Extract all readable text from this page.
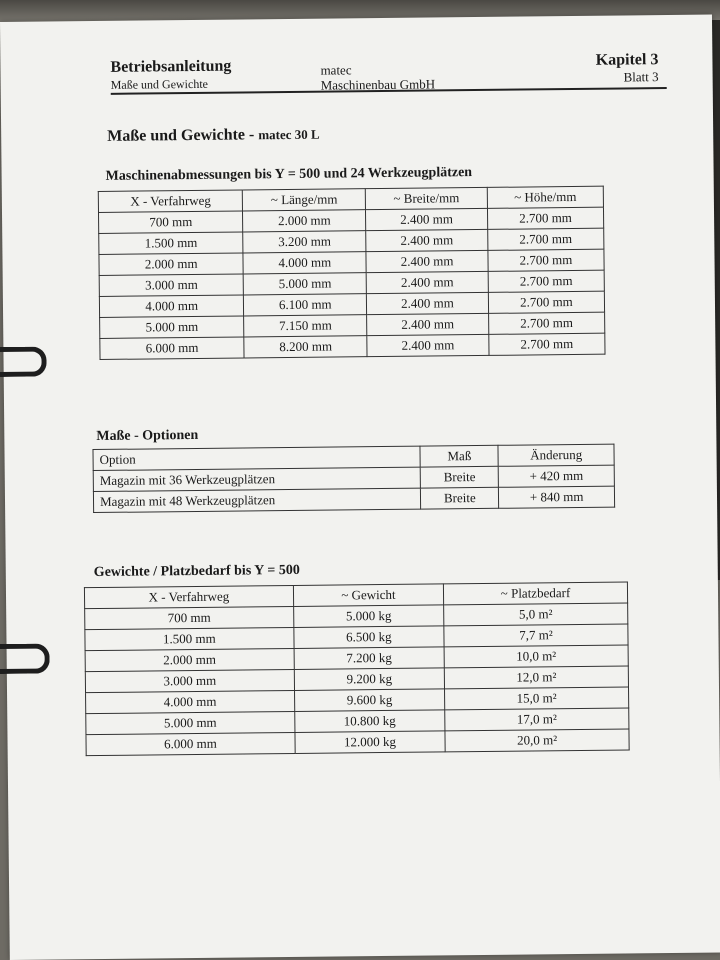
Betriebsanleitung
Maße und Gewichte
matec
Maschinenbau GmbH
Kapitel 3
Blatt 3
Maße und Gewichte - matec 30 L
Maschinenabmessungen bis Y = 500 und 24 Werkzeugplätzen
X - Verfahrweg	~ Länge/mm	~ Breite/mm	~ Höhe/mm
700 mm	2.000 mm	2.400 mm	2.700 mm
1.500 mm	3.200 mm	2.400 mm	2.700 mm
2.000 mm	4.000 mm	2.400 mm	2.700 mm
3.000 mm	5.000 mm	2.400 mm	2.700 mm
4.000 mm	6.100 mm	2.400 mm	2.700 mm
5.000 mm	7.150 mm	2.400 mm	2.700 mm
6.000 mm	8.200 mm	2.400 mm	2.700 mm
Maße - Optionen
Option	Maß	Änderung
Magazin mit 36 Werkzeugplätzen	Breite	+ 420 mm
Magazin mit 48 Werkzeugplätzen	Breite	+ 840 mm
Gewichte / Platzbedarf bis Y = 500
X - Verfahrweg	~ Gewicht	~ Platzbedarf
700 mm	5.000 kg	5,0 m²
1.500 mm	6.500 kg	7,7 m²
2.000 mm	7.200 kg	10,0 m²
3.000 mm	9.200 kg	12,0 m²
4.000 mm	9.600 kg	15,0 m²
5.000 mm	10.800 kg	17,0 m²
6.000 mm	12.000 kg	20,0 m²
